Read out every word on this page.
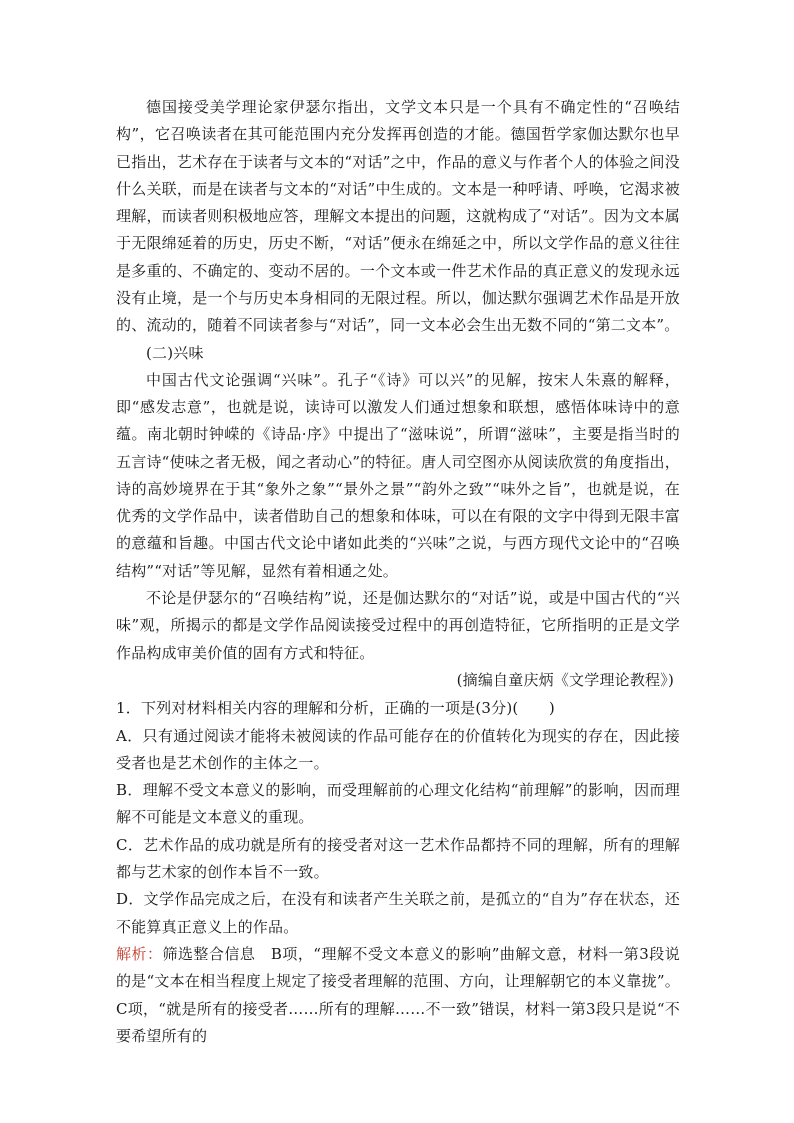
德国接受美学理论家伊瑟尔指出，文学文本只是一个具有不确定性的“召唤结构”，它召唤读者在其可能范围内充分发挥再创造的才能。德国哲学家伽达默尔也早已指出，艺术存在于读者与文本的“对话”之中，作品的意义与作者个人的体验之间没什么关联，而是在读者与文本的“对话”中生成的。文本是一种呼请、呼唤，它渴求被理解，而读者则积极地应答，理解文本提出的问题，这就构成了“对话”。因为文本属于无限绵延着的历史，历史不断，“对话”便永在绵延之中，所以文学作品的意义往往是多重的、不确定的、变动不居的。一个文本或一件艺术作品的真正意义的发现永远没有止境，是一个与历史本身相同的无限过程。所以，伽达默尔强调艺术作品是开放的、流动的，随着不同读者参与“对话”，同一文本必会生出无数不同的“第二文本”。

(二)兴味

中国古代文论强调“兴味”。孔子“《诗》可以兴”的见解，按宋人朱熹的解释，即“感发志意”，也就是说，读诗可以激发人们通过想象和联想，感悟体味诗中的意蕴。南北朝时钟嵘的《诗品·序》中提出了“滋味说”，所谓“滋味”，主要是指当时的五言诗“使味之者无极，闻之者动心”的特征。唐人司空图亦从阅读欣赏的角度指出，诗的高妙境界在于其“象外之象”“景外之景”“韵外之致”“味外之旨”，也就是说，在优秀的文学作品中，读者借助自己的想象和体味，可以在有限的文字中得到无限丰富的意蕴和旨趣。中国古代文论中诸如此类的“兴味”之说，与西方现代文论中的“召唤结构”“对话”等见解，显然有着相通之处。

不论是伊瑟尔的“召唤结构”说，还是伽达默尔的“对话”说，或是中国古代的“兴味”观，所揭示的都是文学作品阅读接受过程中的再创造特征，它所指明的正是文学作品构成审美价值的固有方式和特征。

(摘编自童庆炳《文学理论教程》)

1．下列对材料相关内容的理解和分析，正确的一项是(3分)(　　)

A．只有通过阅读才能将未被阅读的作品可能存在的价值转化为现实的存在，因此接受者也是艺术创作的主体之一。

B．理解不受文本意义的影响，而受理解前的心理文化结构“前理解”的影响，因而理解不可能是文本意义的重现。

C．艺术作品的成功就是所有的接受者对这一艺术作品都持不同的理解，所有的理解都与艺术家的创作本旨不一致。

D．文学作品完成之后，在没有和读者产生关联之前，是孤立的“自为”存在状态，还不能算真正意义上的作品。

解析：筛选整合信息　B项，“理解不受文本意义的影响”曲解文意，材料一第3段说的是“文本在相当程度上规定了接受者理解的范围、方向，让理解朝它的本义靠拢”。C项，“就是所有的接受者……所有的理解……不一致”错误，材料一第3段只是说“不要希望所有的
